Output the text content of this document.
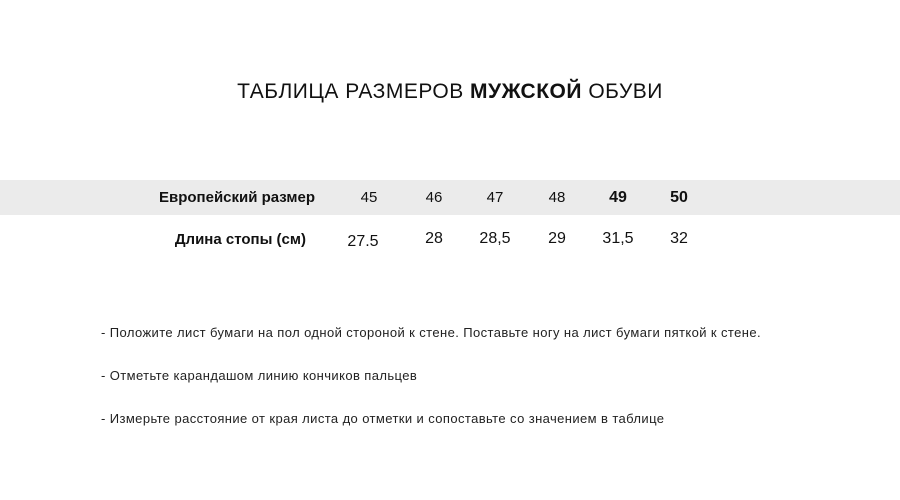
ТАБЛИЦА РАЗМЕРОВ МУЖСКОЙ ОБУВИ
Европейский размер	45	46	47	48	49	50
Длина стопы (см)	27.5	28	28,5	29	31,5	32
- Положите лист бумаги на пол одной стороной к стене. Поставьте ногу на лист бумаги пяткой к стене.
- Отметьте карандашом линию кончиков пальцев
- Измерьте расстояние от края листа до отметки и сопоставьте со значением в таблице
